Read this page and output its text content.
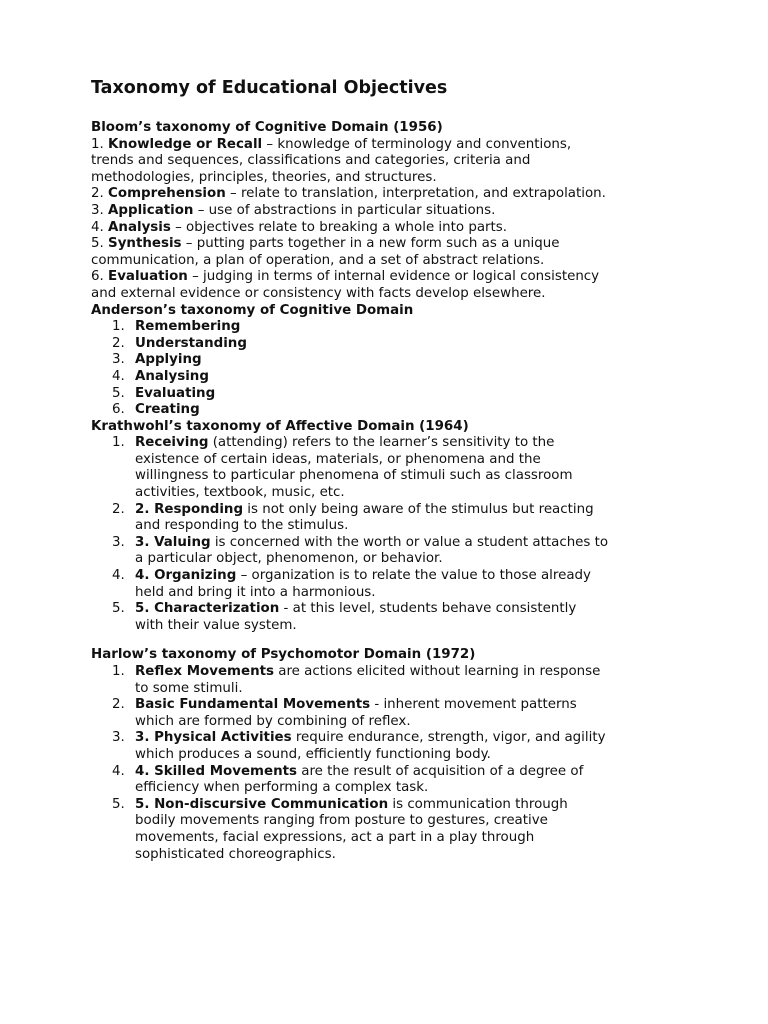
Taxonomy of Educational Objectives
Bloom’s taxonomy of Cognitive Domain (1956)
1. Knowledge or Recall – knowledge of terminology and conventions,
trends and sequences, classifications and categories, criteria and
methodologies, principles, theories, and structures.
2. Comprehension – relate to translation, interpretation, and extrapolation.
3. Application – use of abstractions in particular situations.
4. Analysis – objectives relate to breaking a whole into parts.
5. Synthesis – putting parts together in a new form such as a unique
communication, a plan of operation, and a set of abstract relations.
6. Evaluation – judging in terms of internal evidence or logical consistency
and external evidence or consistency with facts develop elsewhere.
Anderson’s taxonomy of Cognitive Domain
1. Remembering
2. Understanding
3. Applying
4. Analysing
5. Evaluating
6. Creating
Krathwohl’s taxonomy of Affective Domain (1964)
1. Receiving (attending) refers to the learner’s sensitivity to the
existence of certain ideas, materials, or phenomena and the
willingness to particular phenomena of stimuli such as classroom
activities, textbook, music, etc.
2. 2. Responding is not only being aware of the stimulus but reacting
and responding to the stimulus.
3. 3. Valuing is concerned with the worth or value a student attaches to
a particular object, phenomenon, or behavior.
4. 4. Organizing – organization is to relate the value to those already
held and bring it into a harmonious.
5. 5. Characterization - at this level, students behave consistently
with their value system.
Harlow’s taxonomy of Psychomotor Domain (1972)
1. Reflex Movements are actions elicited without learning in response
to some stimuli.
2. Basic Fundamental Movements - inherent movement patterns
which are formed by combining of reflex.
3. 3. Physical Activities require endurance, strength, vigor, and agility
which produces a sound, efficiently functioning body.
4. 4. Skilled Movements are the result of acquisition of a degree of
efficiency when performing a complex task.
5. 5. Non-discursive Communication is communication through
bodily movements ranging from posture to gestures, creative
movements, facial expressions, act a part in a play through
sophisticated choreographics.
